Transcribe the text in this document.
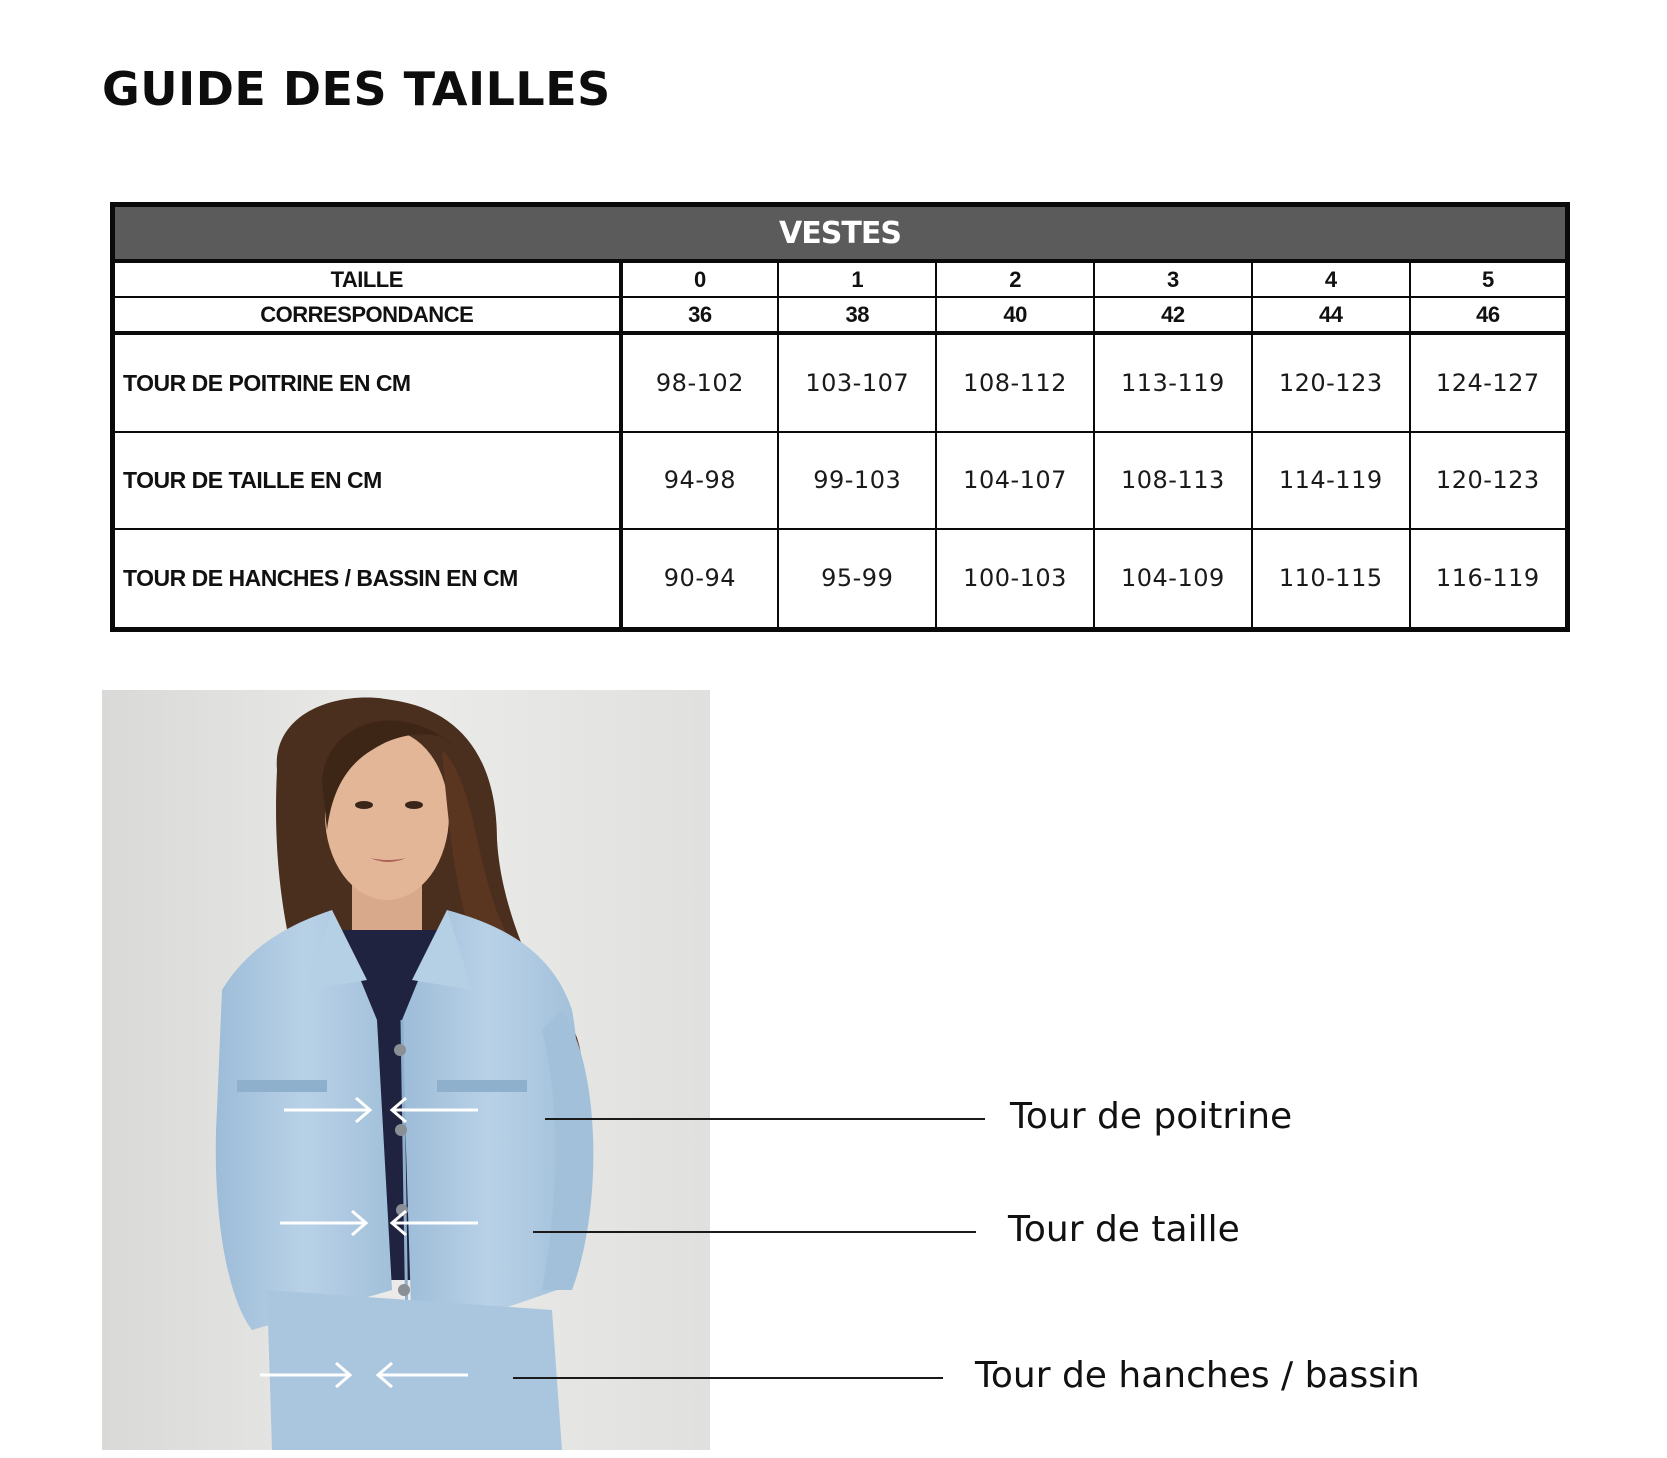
GUIDE DES TAILLES
VESTES						
TAILLE	0	1	2	3	4	5
CORRESPONDANCE	36	38	40	42	44	46
TOUR DE POITRINE EN CM	98-102	103-107	108-112	113-119	120-123	124-127
TOUR DE TAILLE EN CM	94-98	99-103	104-107	108-113	114-119	120-123
TOUR DE HANCHES / BASSIN EN CM	90-94	95-99	100-103	104-109	110-115	116-119
Tour de poitrine
Tour de taille
Tour de hanches / bassin
